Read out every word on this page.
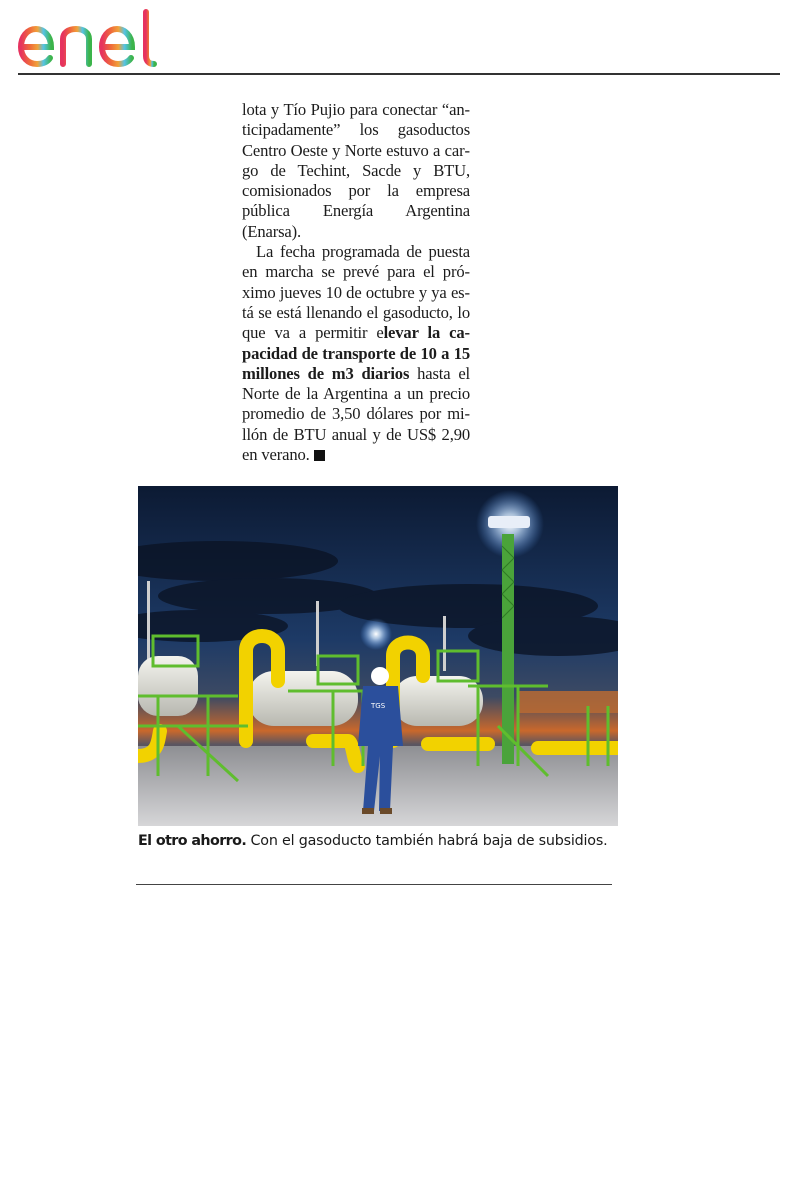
lota y Tío Pujio para conectar “anticipadamente” los gasoductos Centro Oeste y Norte estuvo a cargo de Techint, Sacde y BTU, comisionados por la empresa pública Energía Argentina (Enarsa).

La fecha programada de puesta en marcha se prevé para el próximo jueves 10 de octubre y ya está se está llenando el gasoducto, lo que va a permitir elevar la capacidad de transporte de 10 a 15 millones de m3 diarios hasta el Norte de la Argentina a un precio promedio de 3,50 dólares por millón de BTU anual y de US$ 2,90 en verano.

TGS
El otro ahorro. Con el gasoducto también habrá baja de subsidios.
